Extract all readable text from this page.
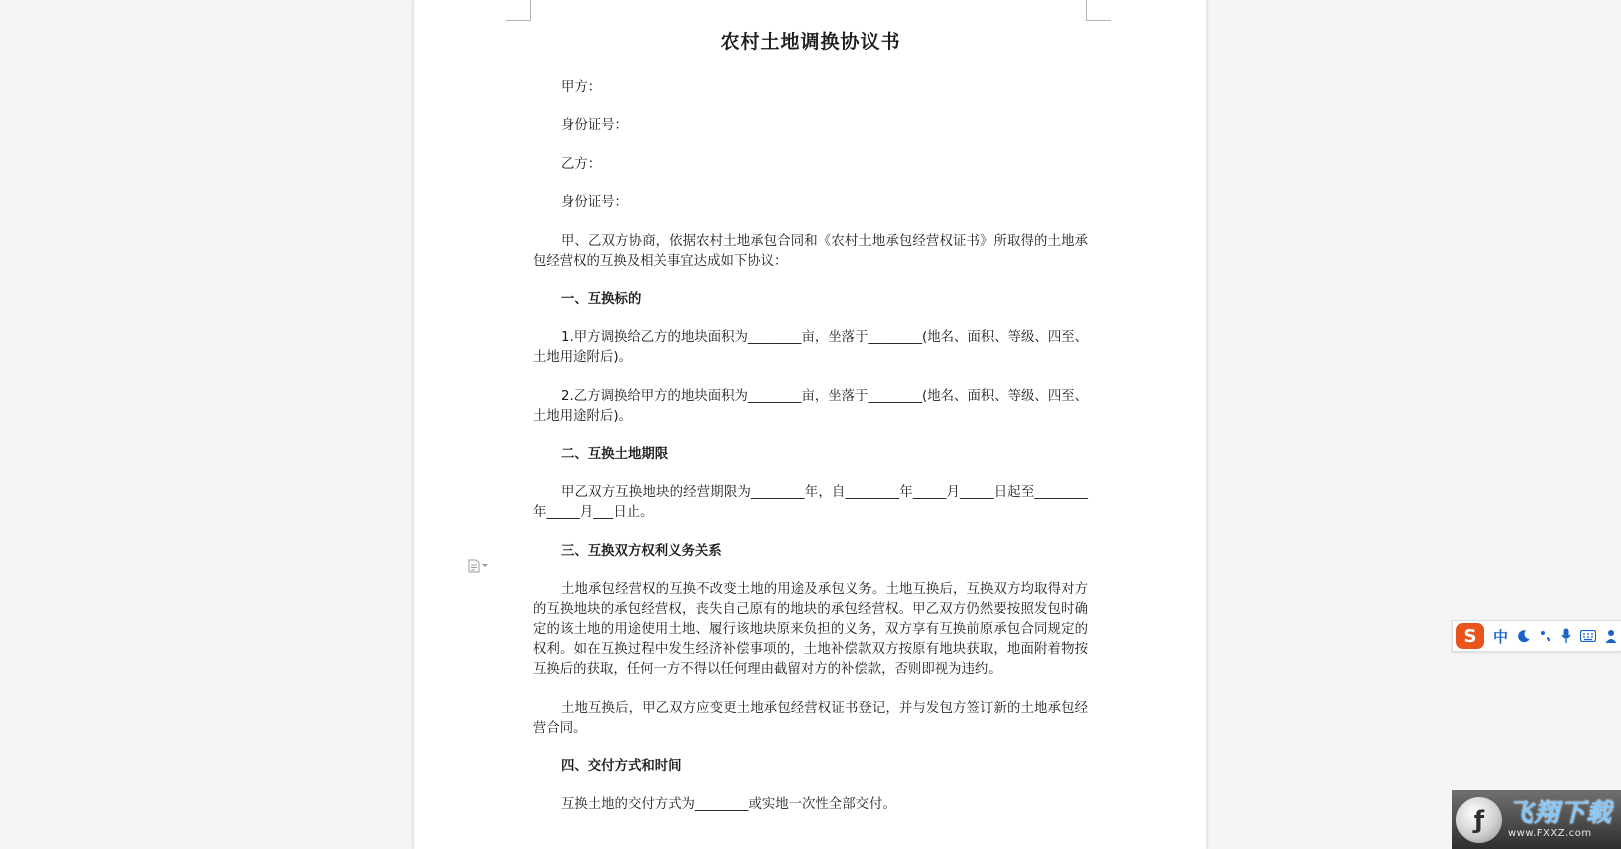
农村土地调换协议书

甲方：

身份证号：

乙方：

身份证号：

甲、乙双方协商，依据农村土地承包合同和《农村土地承包经营权证书》所取得的土地承包经营权的互换及相关事宜达成如下协议：

一、互换标的

1.甲方调换给乙方的地块面积为________亩，坐落于________(地名、面积、等级、四至、土地用途附后)。

2.乙方调换给甲方的地块面积为________亩，坐落于________(地名、面积、等级、四至、土地用途附后)。

二、互换土地期限

甲乙双方互换地块的经营期限为________年，自________年_____月_____日起至________年_____月___日止。

三、互换双方权利义务关系

土地承包经营权的互换不改变土地的用途及承包义务。土地互换后，互换双方均取得对方的互换地块的承包经营权，丧失自己原有的地块的承包经营权。甲乙双方仍然要按照发包时确定的该土地的用途使用土地、履行该地块原来负担的义务，双方享有互换前原承包合同规定的权利。如在互换过程中发生经济补偿事项的，土地补偿款双方按原有地块获取，地面附着物按互换后的获取，任何一方不得以任何理由截留对方的补偿款，否则即视为违约。

土地互换后，甲乙双方应变更土地承包经营权证书登记，并与发包方签订新的土地承包经营合同。

四、交付方式和时间

互换土地的交付方式为________或实地一次性全部交付。

S	中
ƒ 飞翔下载
www.FXXZ.com
